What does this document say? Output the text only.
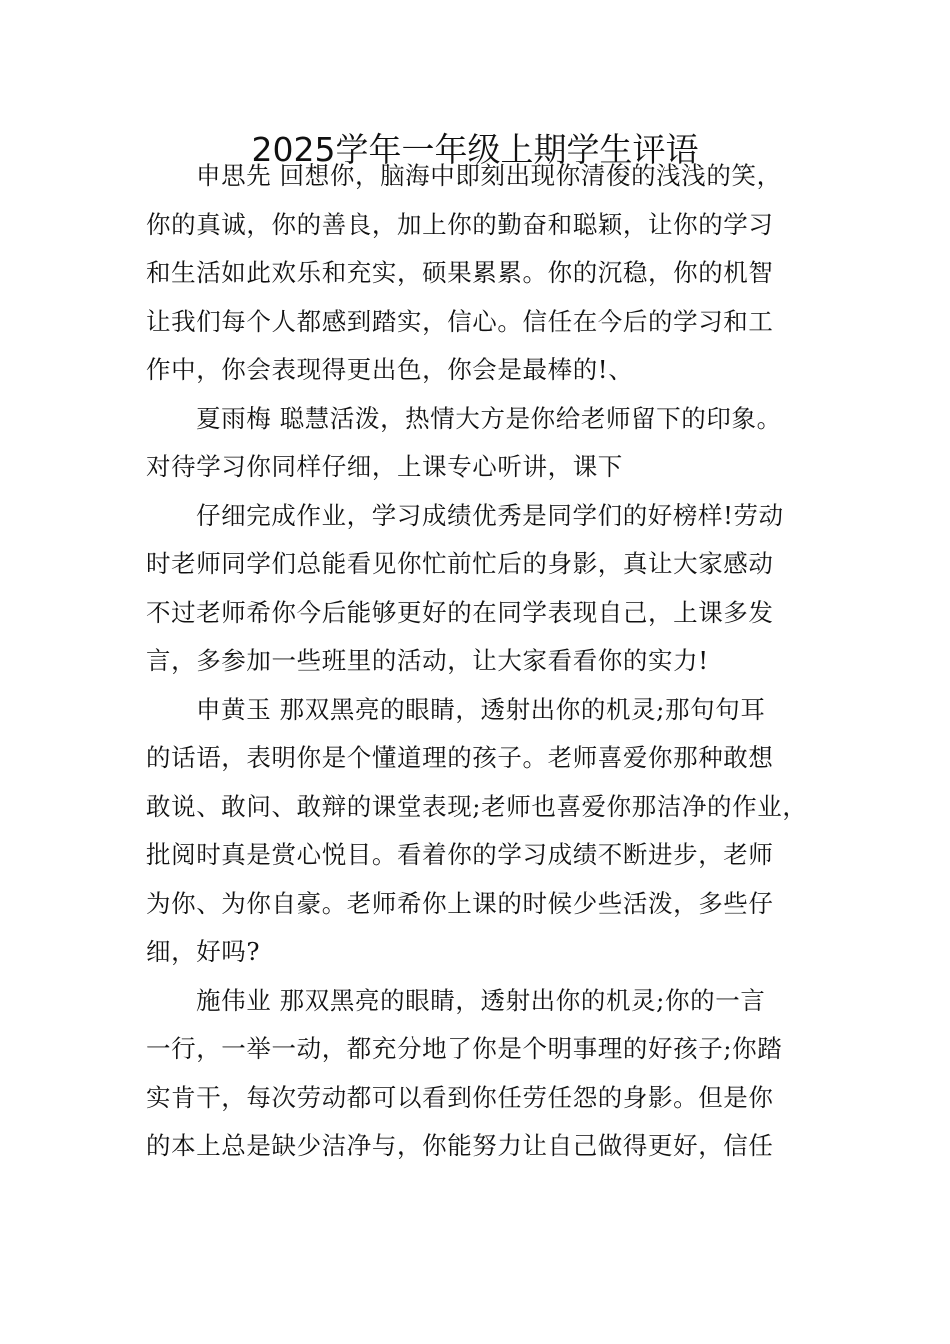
2025学年一年级上期学生评语
申思先 回想你，脑海中即刻出现你清俊的浅浅的笑，
你的真诚，你的善良，加上你的勤奋和聪颖，让你的学习
和生活如此欢乐和充实，硕果累累。你的沉稳，你的机智
让我们每个人都感到踏实，信心。信任在今后的学习和工
作中，你会表现得更出色，你会是最棒的!、
夏雨梅 聪慧活泼，热情大方是你给老师留下的印象。
对待学习你同样仔细，上课专心听讲，课下
仔细完成作业，学习成绩优秀是同学们的好榜样!劳动
时老师同学们总能看见你忙前忙后的身影，真让大家感动
不过老师希你今后能够更好的在同学表现自己，上课多发
言，多参加一些班里的活动，让大家看看你的实力!
申黄玉 那双黑亮的眼睛，透射出你的机灵;那句句耳
的话语，表明你是个懂道理的孩子。老师喜爱你那种敢想
敢说、敢问、敢辩的课堂表现;老师也喜爱你那洁净的作业，
批阅时真是赏心悦目。看着你的学习成绩不断进步，老师
为你、为你自豪。老师希你上课的时候少些活泼，多些仔
细，好吗?
施伟业 那双黑亮的眼睛，透射出你的机灵;你的一言
一行，一举一动，都充分地了你是个明事理的好孩子;你踏
实肯干，每次劳动都可以看到你任劳任怨的身影。但是你
的本上总是缺少洁净与，你能努力让自己做得更好，信任
